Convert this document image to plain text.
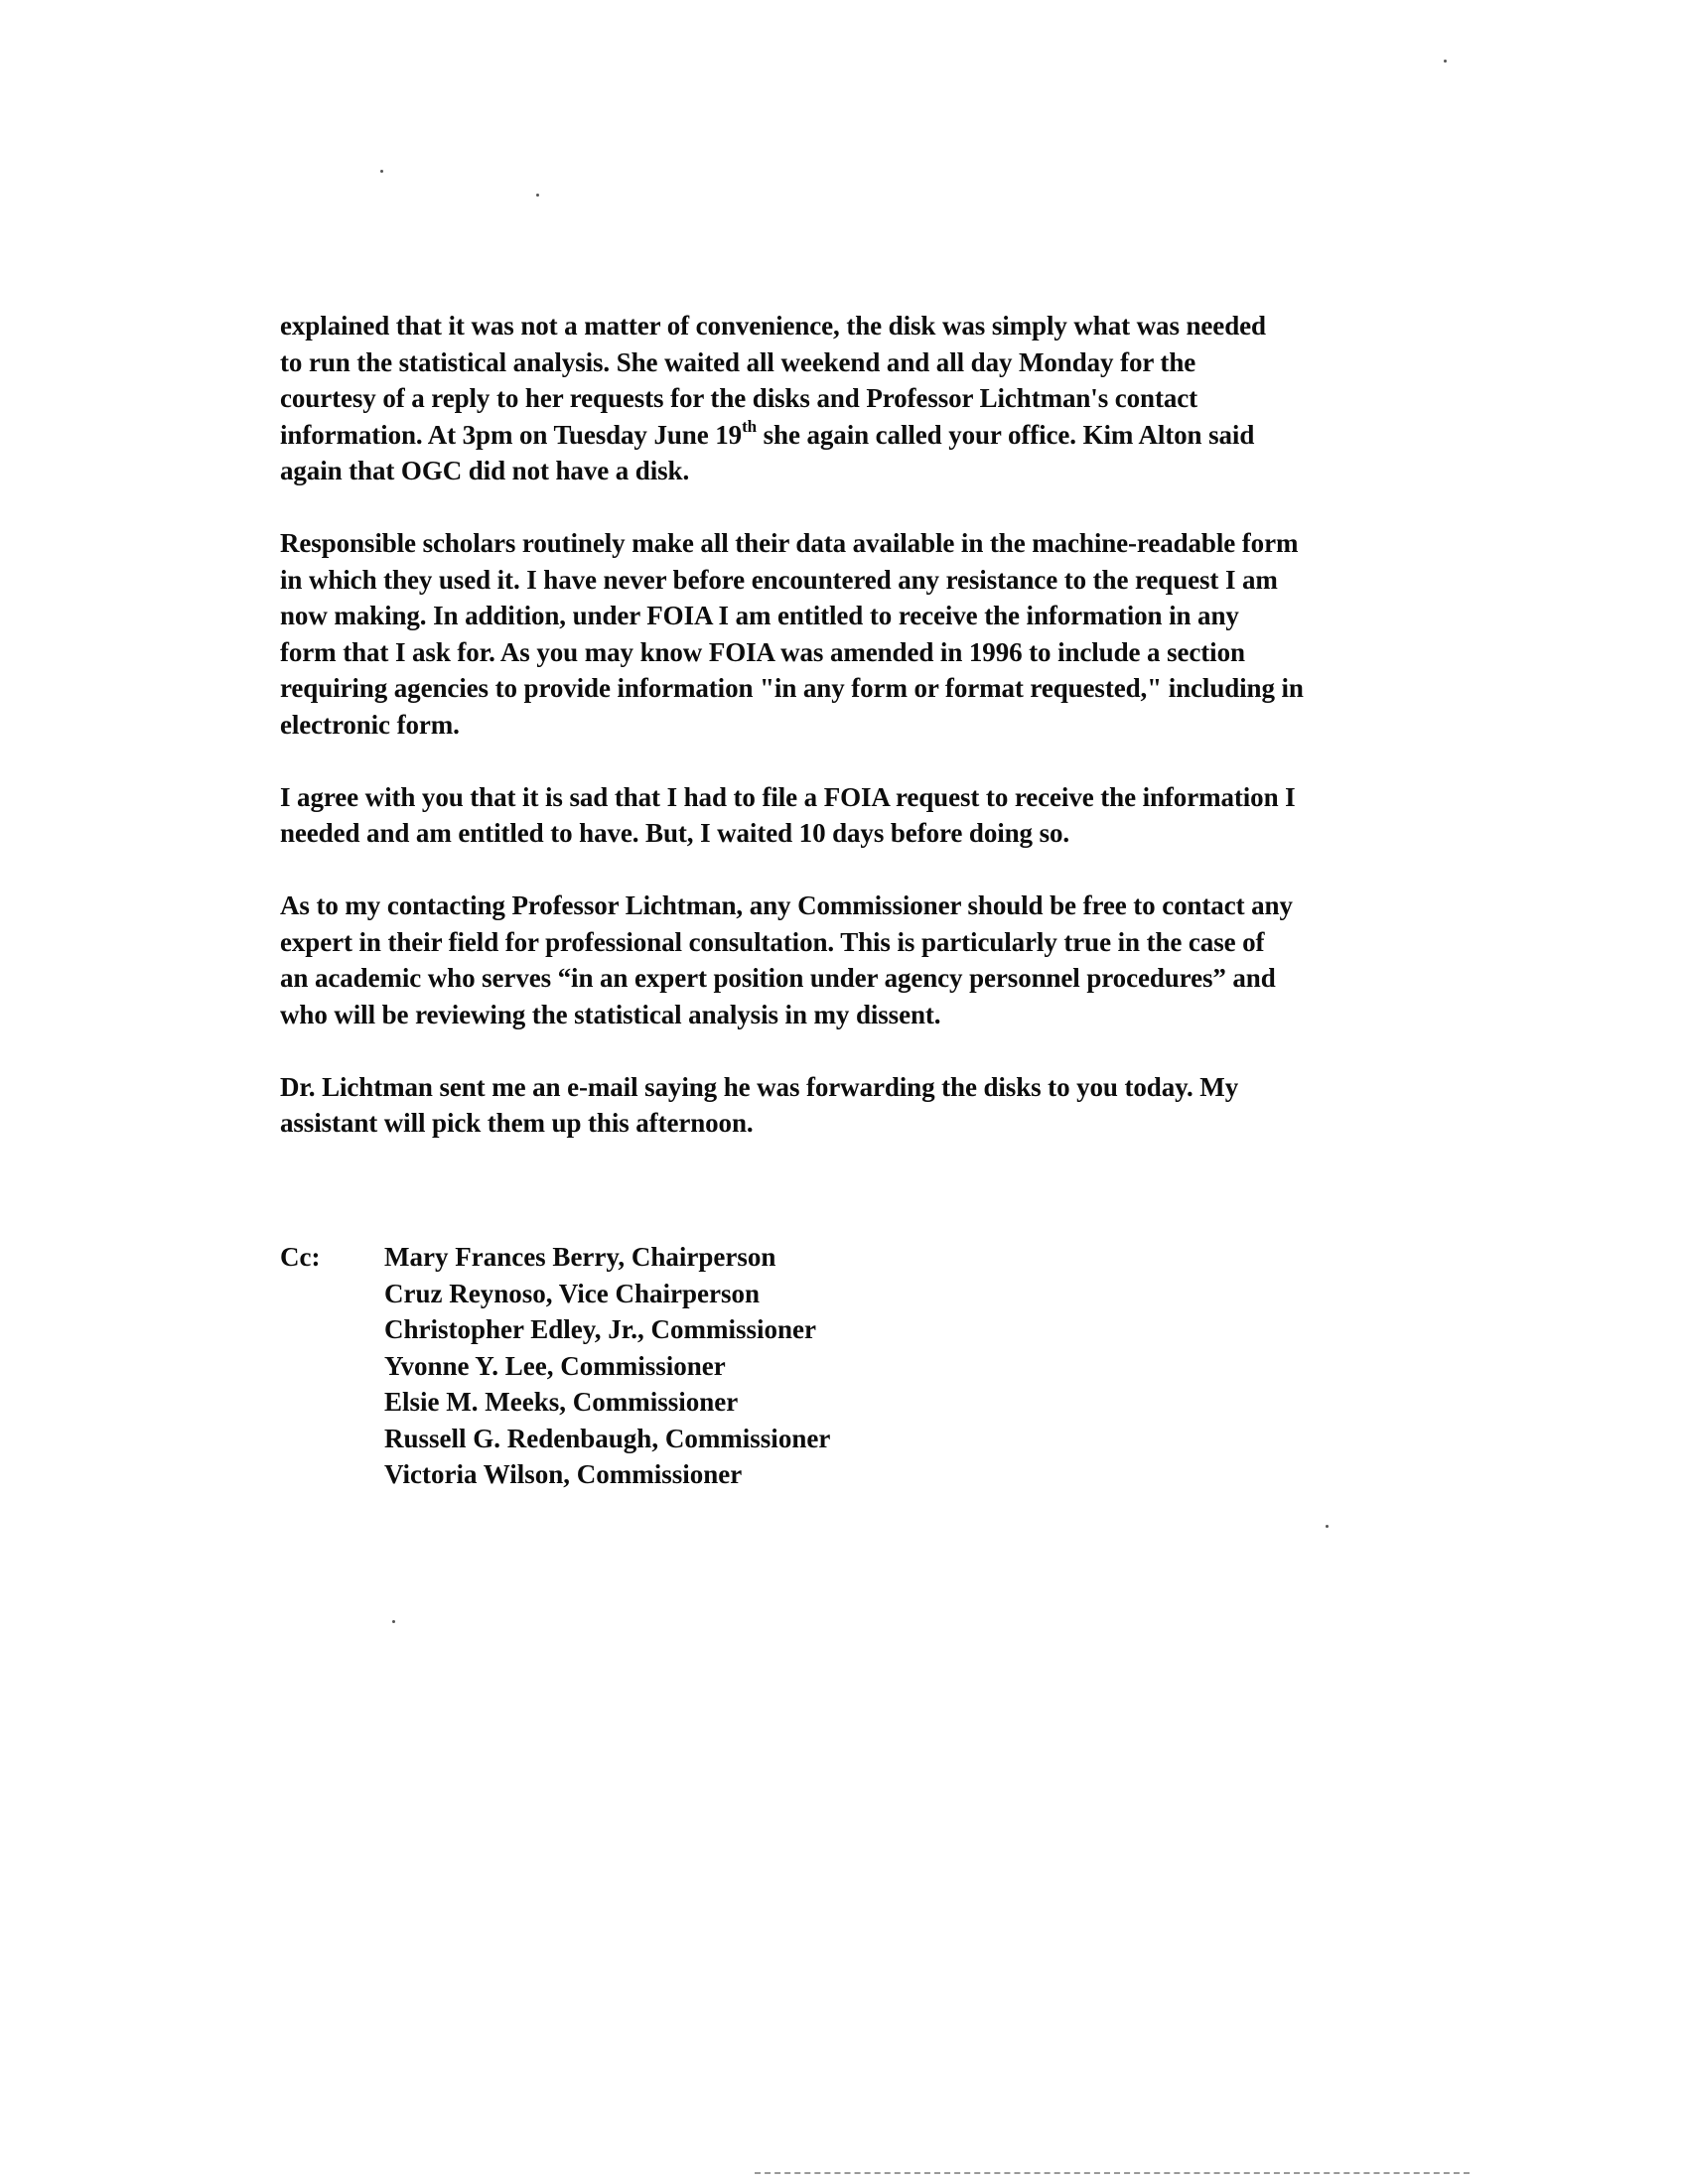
explained that it was not a matter of convenience, the disk was simply what was needed
to run the statistical analysis. She waited all weekend and all day Monday for the
courtesy of a reply to her requests for the disks and Professor Lichtman's contact
information. At 3pm on Tuesday June 19th she again called your office. Kim Alton said
again that OGC did not have a disk.
Responsible scholars routinely make all their data available in the machine-readable form
in which they used it. I have never before encountered any resistance to the request I am
now making. In addition, under FOIA I am entitled to receive the information in any
form that I ask for. As you may know FOIA was amended in 1996 to include a section
requiring agencies to provide information "in any form or format requested," including in
electronic form.
I agree with you that it is sad that I had to file a FOIA request to receive the information I
needed and am entitled to have. But, I waited 10 days before doing so.
As to my contacting Professor Lichtman, any Commissioner should be free to contact any
expert in their field for professional consultation. This is particularly true in the case of
an academic who serves “in an expert position under agency personnel procedures” and
who will be reviewing the statistical analysis in my dissent.
Dr. Lichtman sent me an e-mail saying he was forwarding the disks to you today. My
assistant will pick them up this afternoon.
Cc:	Mary Frances Berry, Chairperson
Cruz Reynoso, Vice Chairperson
Christopher Edley, Jr., Commissioner
Yvonne Y. Lee, Commissioner
Elsie M. Meeks, Commissioner
Russell G. Redenbaugh, Commissioner
Victoria Wilson, Commissioner
